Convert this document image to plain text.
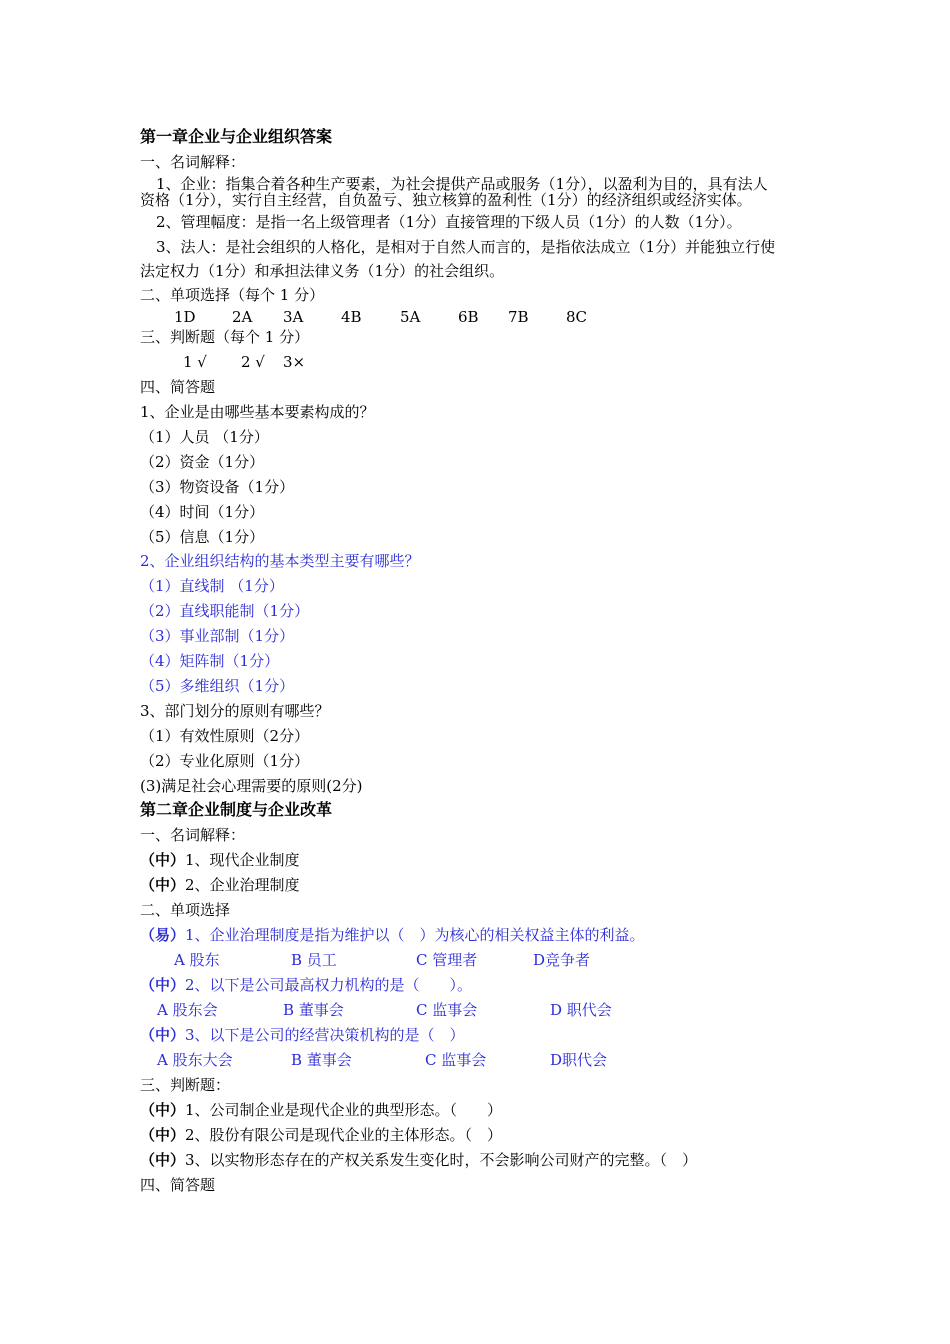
第一章企业与企业组织答案
一、名词解释：
1、企业：指集合着各种生产要素，为社会提供产品或服务（1分），以盈利为目的，具有法人
资格（1分），实行自主经营，自负盈亏、独立核算的盈利性（1分）的经济组织或经济实体。
2、管理幅度：是指一名上级管理者（1分）直接管理的下级人员（1分）的人数（1分）。
3、法人：是社会组织的人格化，是相对于自然人而言的，是指依法成立（1分）并能独立行使
法定权力（1分）和承担法律义务（1分）的社会组织。
二、单项选择（每个 1 分）
1D 2A 3A	4B	5A	6B 7B 8C
三、判断题（每个 1 分）
1 √ 2 √ 3×
四、简答题
1、企业是由哪些基本要素构成的？
（1）人员 （1分）
（2）资金（1分）
（3）物资设备（1分）
（4）时间（1分）
（5）信息（1分）
2、企业组织结构的基本类型主要有哪些？
（1）直线制 （1分）
（2）直线职能制（1分）
（3）事业部制（1分）
（4）矩阵制（1分）
（5）多维组织（1分）
3、部门划分的原则有哪些？
（1）有效性原则（2分）
（2）专业化原则（1分）
(3)满足社会心理需要的原则(2分)
第二章企业制度与企业改革
一、名词解释：
（中）1、现代企业制度
（中）2、企业治理制度
二、单项选择
（易）1、企业治理制度是指为维护以（　）为核心的相关权益主体的利益。
A 股东	B 员工	C 管理者	D竞争者
（中）2、以下是公司最高权力机构的是（　　）。
A 股东会	B 董事会	C 监事会	D 职代会
（中）3、以下是公司的经营决策机构的是（　）
A 股东大会	B 董事会	C 监事会	D职代会
三、判断题：
（中）1、公司制企业是现代企业的典型形态。（　　）
（中）2、股份有限公司是现代企业的主体形态。（　）
（中）3、以实物形态存在的产权关系发生变化时，不会影响公司财产的完整。（　）
四、简答题
